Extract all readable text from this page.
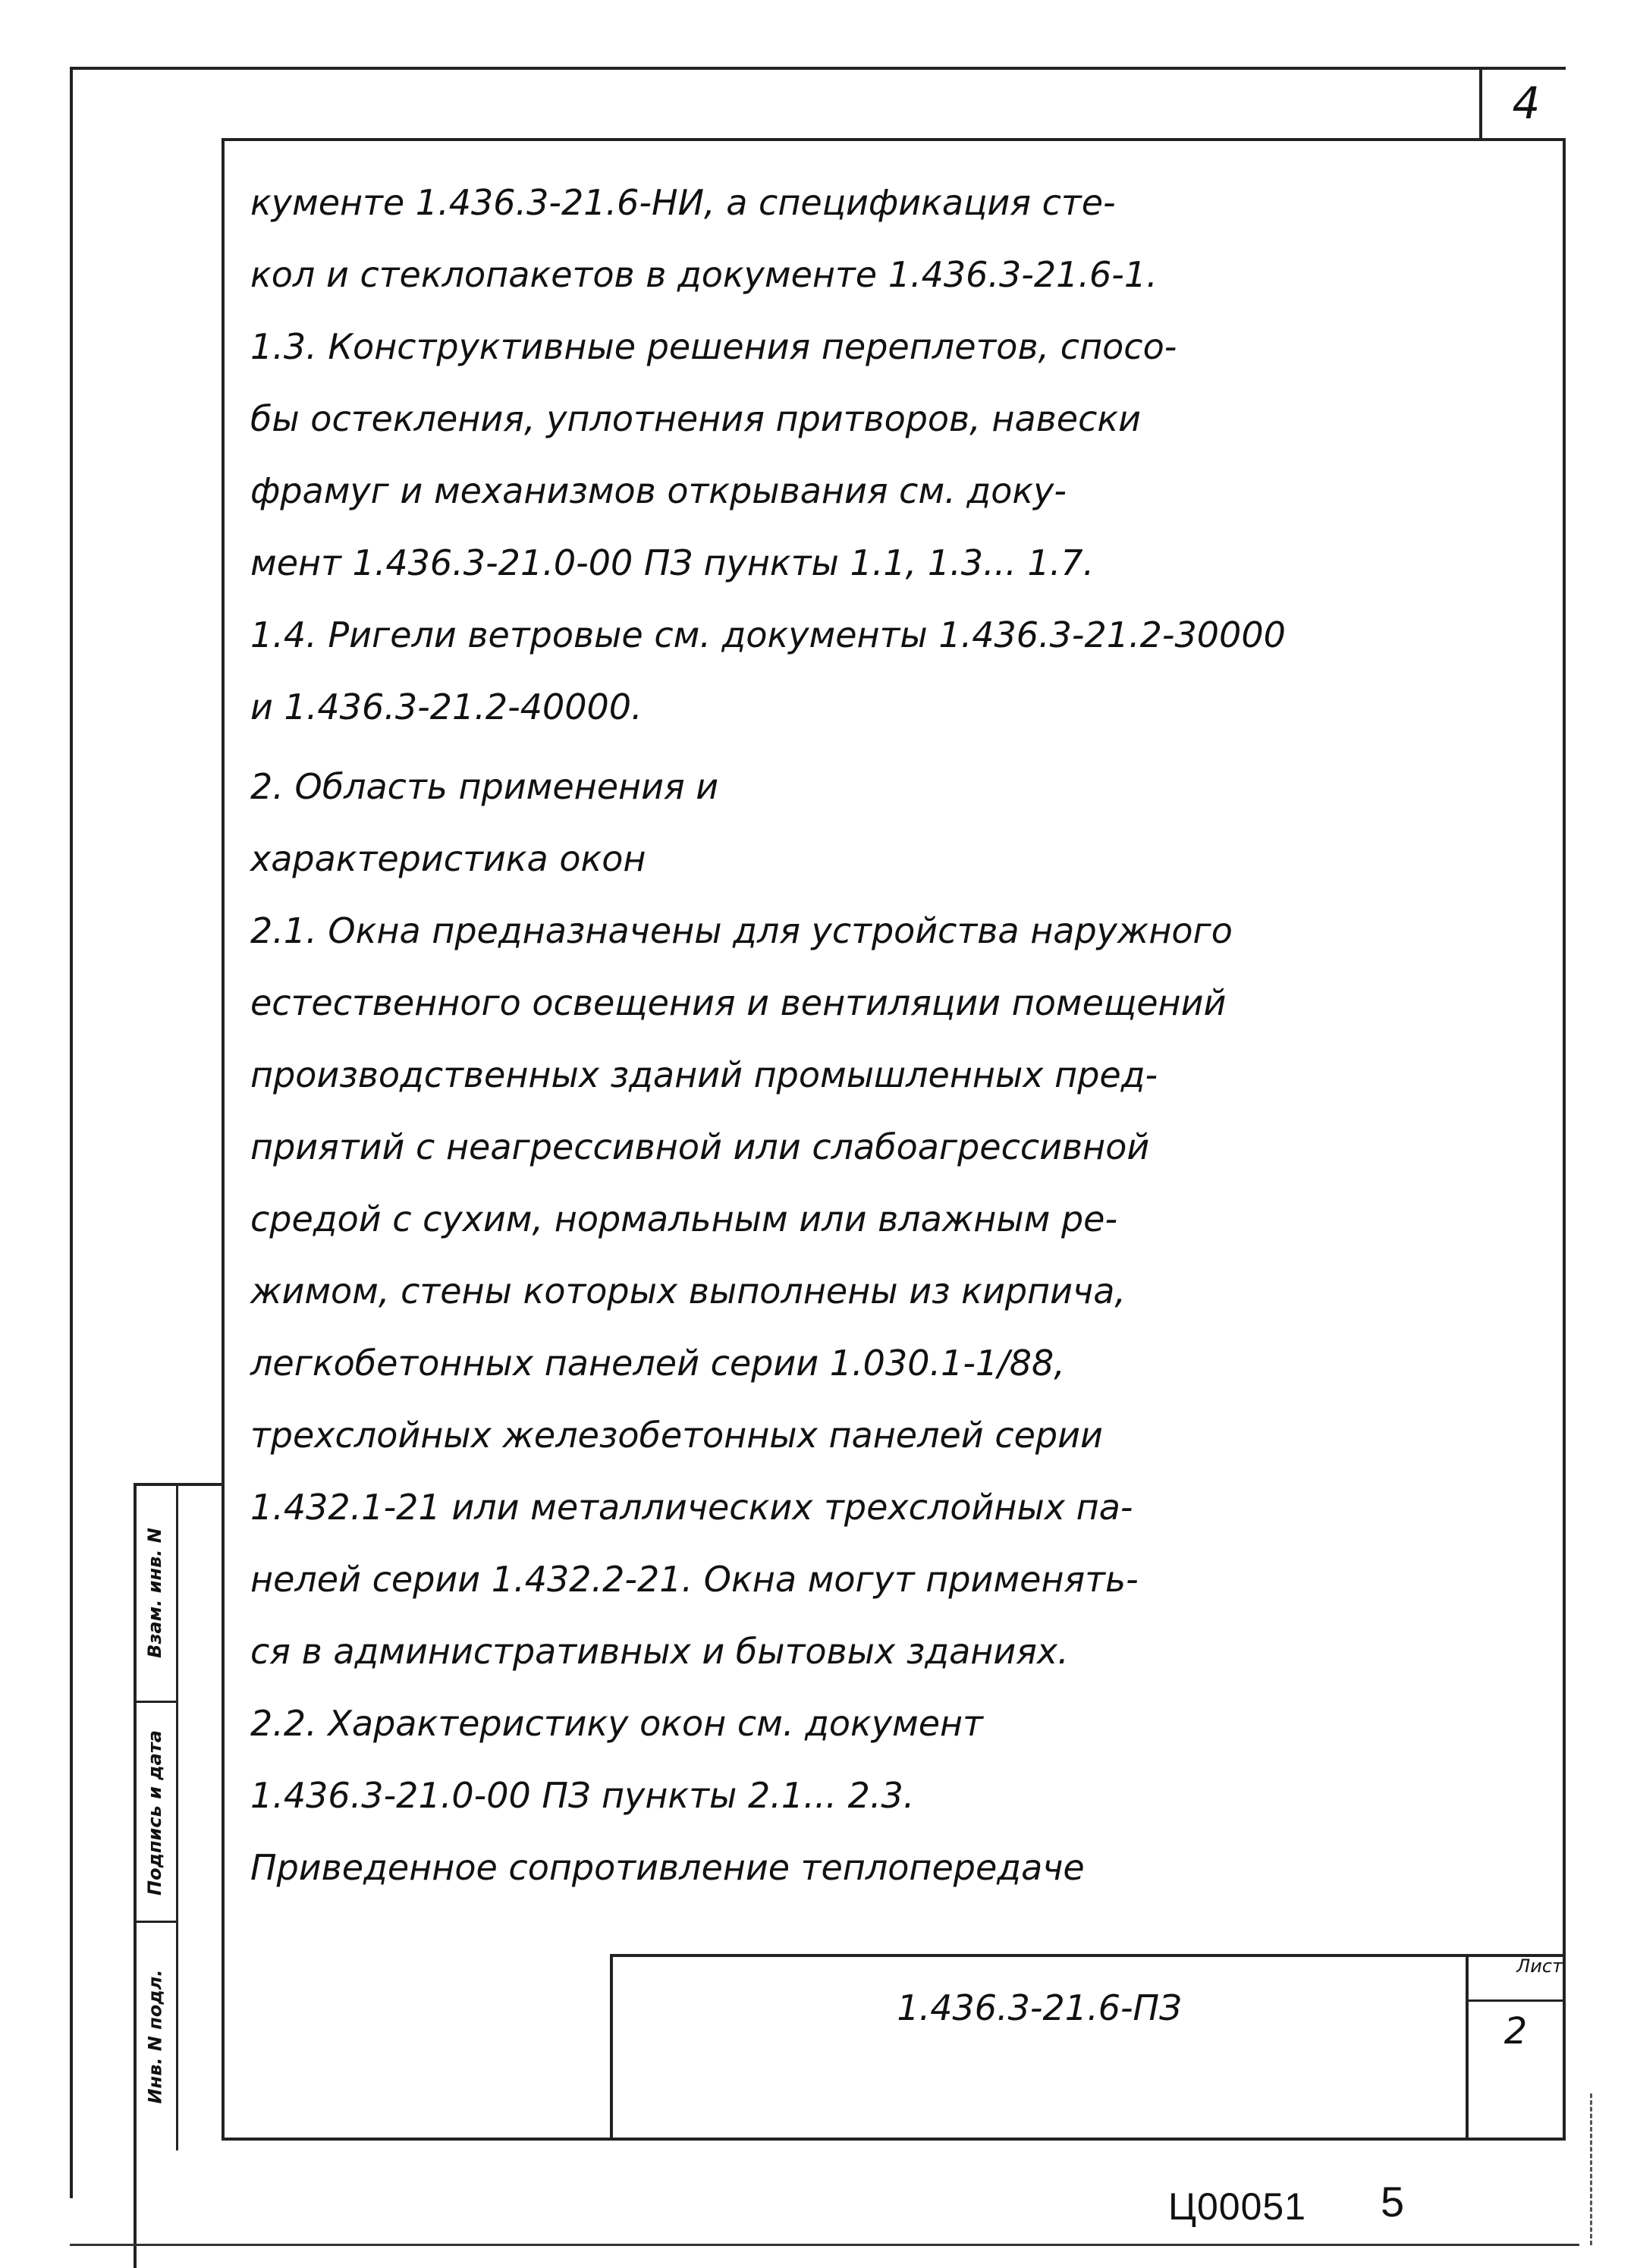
4
Взам. инв. N
Подпись и дата
Инв. N подл.
кументе 1.436.3-21.6-НИ, а спецификация сте-
кол и стеклопакетов в документе 1.436.3-21.6-1.
1.3. Конструктивные решения переплетов, спосо-
бы остекления, уплотнения притворов, навески
фрамуг и механизмов открывания см. доку-
мент 1.436.3-21.0-00 ПЗ пункты 1.1, 1.3... 1.7.
1.4. Ригели ветровые см. документы 1.436.3-21.2-30000
и 1.436.3-21.2-40000.
2. Область применения и
характеристика окон
2.1. Окна предназначены для устройства наружного
естественного освещения и вентиляции помещений
производственных зданий промышленных пред-
приятий с неагрессивной или слабоагрессивной
средой с сухим, нормальным или влажным ре-
жимом, стены которых выполнены из кирпича,
легкобетонных панелей серии 1.030.1-1/88,
трехслойных железобетонных панелей серии
1.432.1-21 или металлических трехслойных па-
нелей серии 1.432.2-21. Окна могут применять-
ся в административных и бытовых зданиях.
2.2. Характеристику окон см. документ
1.436.3-21.0-00 ПЗ пункты 2.1... 2.3.
Приведенное сопротивление теплопередаче
1.436.3-21.6-ПЗ
Лист
2
Ц00051 5
